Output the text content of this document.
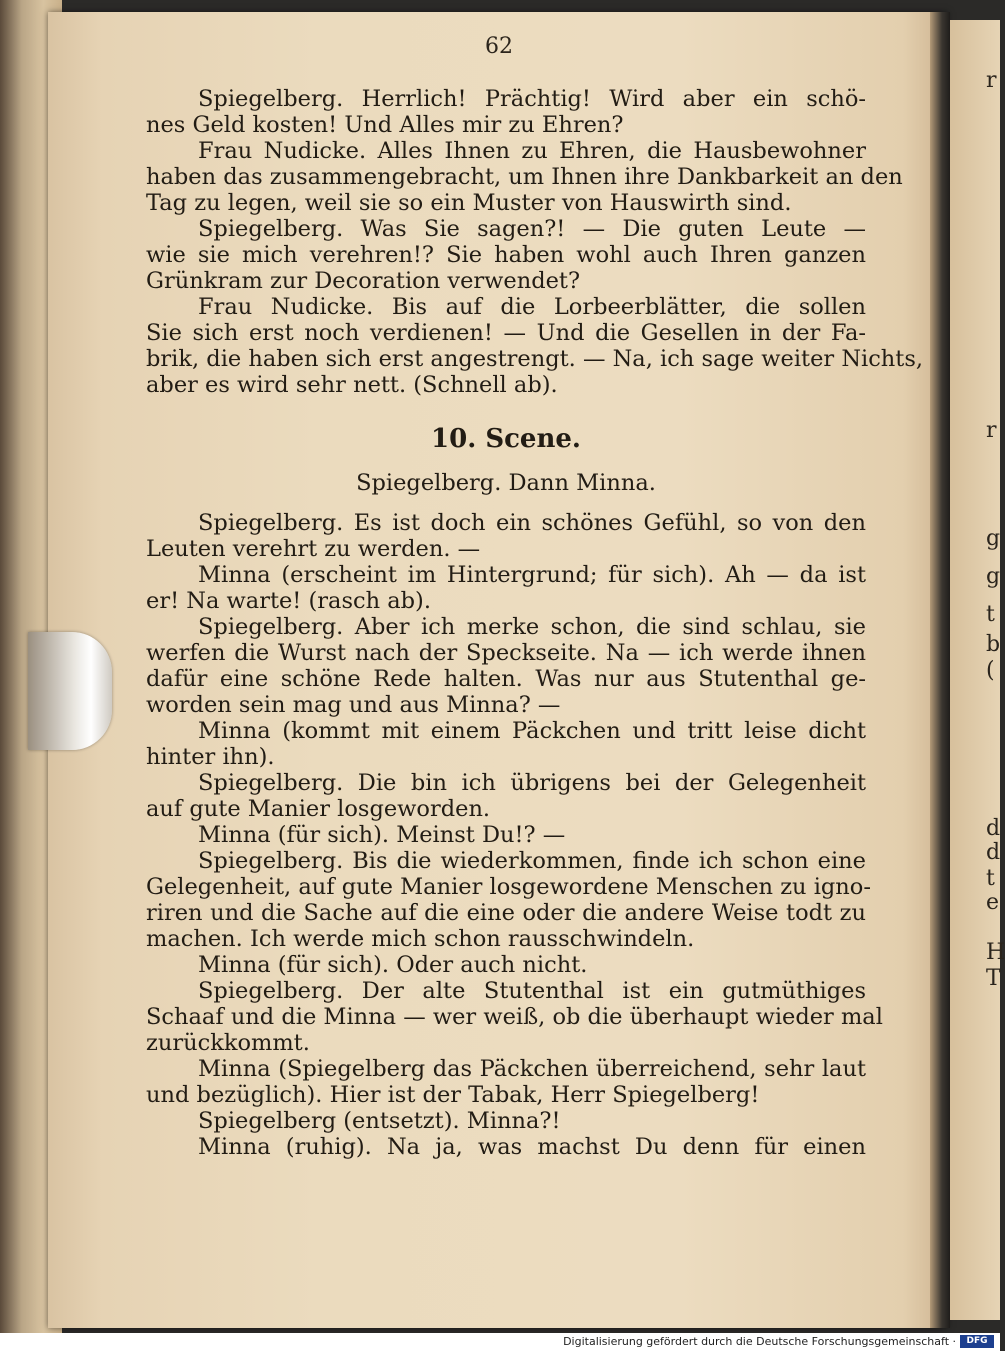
r
r
g
g
t
b
(
d
d
t
e
H
T
62
Spiegelberg. Herrlich! Prächtig! Wird aber ein schö-
nes Geld kosten! Und Alles mir zu Ehren?
Frau Nudicke. Alles Ihnen zu Ehren, die Hausbewohner
haben das zusammengebracht, um Ihnen ihre Dankbarkeit an den
Tag zu legen, weil sie so ein Muster von Hauswirth sind.
Spiegelberg. Was Sie sagen?! — Die guten Leute —
wie sie mich verehren!? Sie haben wohl auch Ihren ganzen
Grünkram zur Decoration verwendet?
Frau Nudicke. Bis auf die Lorbeerblätter, die sollen
Sie sich erst noch verdienen! — Und die Gesellen in der Fa-
brik, die haben sich erst angestrengt. — Na, ich sage weiter Nichts,
aber es wird sehr nett. (Schnell ab).
10. Scene.
Spiegelberg. Dann Minna.
Spiegelberg. Es ist doch ein schönes Gefühl, so von den
Leuten verehrt zu werden. —
Minna (erscheint im Hintergrund; für sich). Ah — da ist
er! Na warte! (rasch ab).
Spiegelberg. Aber ich merke schon, die sind schlau, sie
werfen die Wurst nach der Speckseite. Na — ich werde ihnen
dafür eine schöne Rede halten. Was nur aus Stutenthal ge-
worden sein mag und aus Minna? —
Minna (kommt mit einem Päckchen und tritt leise dicht
hinter ihn).
Spiegelberg. Die bin ich übrigens bei der Gelegenheit
auf gute Manier losgeworden.
Minna (für sich). Meinst Du!? —
Spiegelberg. Bis die wiederkommen, finde ich schon eine
Gelegenheit, auf gute Manier losgewordene Menschen zu igno-
riren und die Sache auf die eine oder die andere Weise todt zu
machen. Ich werde mich schon rausschwindeln.
Minna (für sich). Oder auch nicht.
Spiegelberg. Der alte Stutenthal ist ein gutmüthiges
Schaaf und die Minna — wer weiß, ob die überhaupt wieder mal
zurückkommt.
Minna (Spiegelberg das Päckchen überreichend, sehr laut
und bezüglich). Hier ist der Tabak, Herr Spiegelberg!
Spiegelberg (entsetzt). Minna?!
Minna (ruhig). Na ja, was machst Du denn für einen
Digitalisierung gefördert durch die Deutsche Forschungsgemeinschaft ·	DFG
